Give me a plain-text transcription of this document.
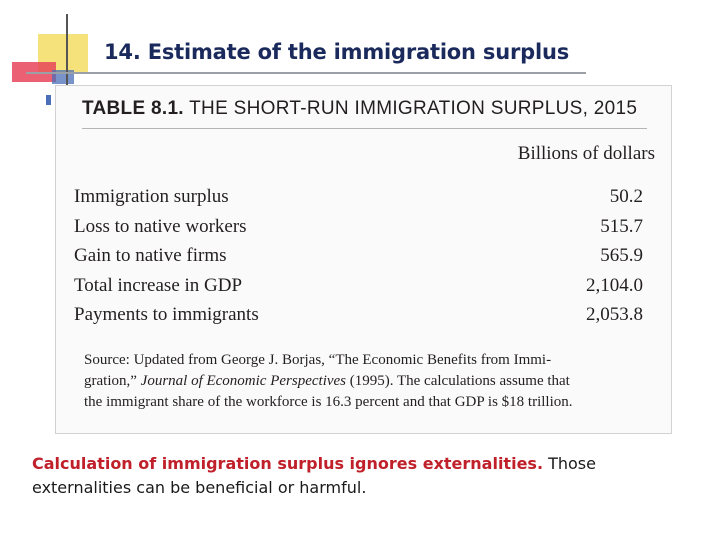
14. Estimate of the immigration surplus
TABLE 8.1. THE SHORT-RUN IMMIGRATION SURPLUS, 2015
Billions of dollars
Immigration surplus	50.2
Loss to native workers	515.7
Gain to native firms	565.9
Total increase in GDP	2,104.0
Payments to immigrants	2,053.8
Source: Updated from George J. Borjas, “The Economic Benefits from Immi-
gration,” Journal of Economic Perspectives (1995). The calculations assume that
the immigrant share of the workforce is 16.3 percent and that GDP is $18 trillion.
Calculation of immigration surplus ignores externalities. Those externalities can be beneficial or harmful.
